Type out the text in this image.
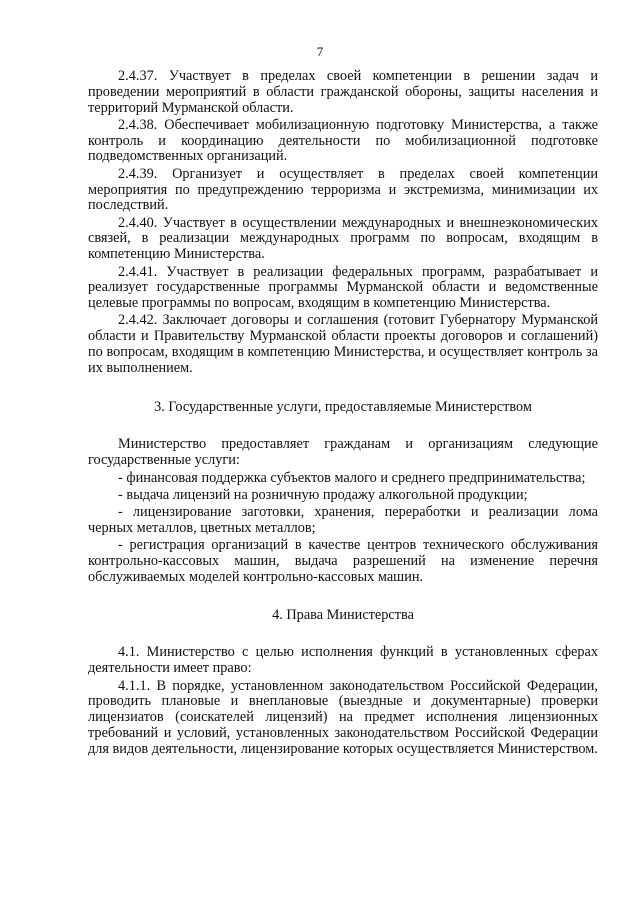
7

2.4.37. Участвует в пределах своей компетенции в решении задач и проведении мероприятий в области гражданской обороны, защиты населения и территорий Мурманской области.

2.4.38. Обеспечивает мобилизационную подготовку Министерства, а также контроль и координацию деятельности по мобилизационной подготовке подведомственных организаций.

2.4.39. Организует и осуществляет в пределах своей компетенции мероприятия по предупреждению терроризма и экстремизма, минимизации их последствий.

2.4.40. Участвует в осуществлении международных и внешнеэкономических связей, в реализации международных программ по вопросам, входящим в компетенцию Министерства.

2.4.41. Участвует в реализации федеральных программ, разрабатывает и реализует государственные программы Мурманской области и ведомственные целевые программы по вопросам, входящим в компетенцию Министерства.

2.4.42. Заключает договоры и соглашения (готовит Губернатору Мурманской области и Правительству Мурманской области проекты договоров и соглашений) по вопросам, входящим в компетенцию Министерства, и осуществляет контроль за их выполнением.

3. Государственные услуги, предоставляемые Министерством

Министерство предоставляет гражданам и организациям следующие государственные услуги:

- финансовая поддержка субъектов малого и среднего предпринимательства;

- выдача лицензий на розничную продажу алкогольной продукции;

- лицензирование заготовки, хранения, переработки и реализации лома черных металлов, цветных металлов;

- регистрация организаций в качестве центров технического обслуживания контрольно-кассовых машин, выдача разрешений на изменение перечня обслуживаемых моделей контрольно-кассовых машин.

4. Права Министерства

4.1. Министерство с целью исполнения функций в установленных сферах деятельности имеет право:

4.1.1. В порядке, установленном законодательством Российской Федерации, проводить плановые и внеплановые (выездные и документарные) проверки лицензиатов (соискателей лицензий) на предмет исполнения лицензионных требований и условий, установленных законодательством Российской Федерации для видов деятельности, лицензирование которых осуществляется Министерством.
